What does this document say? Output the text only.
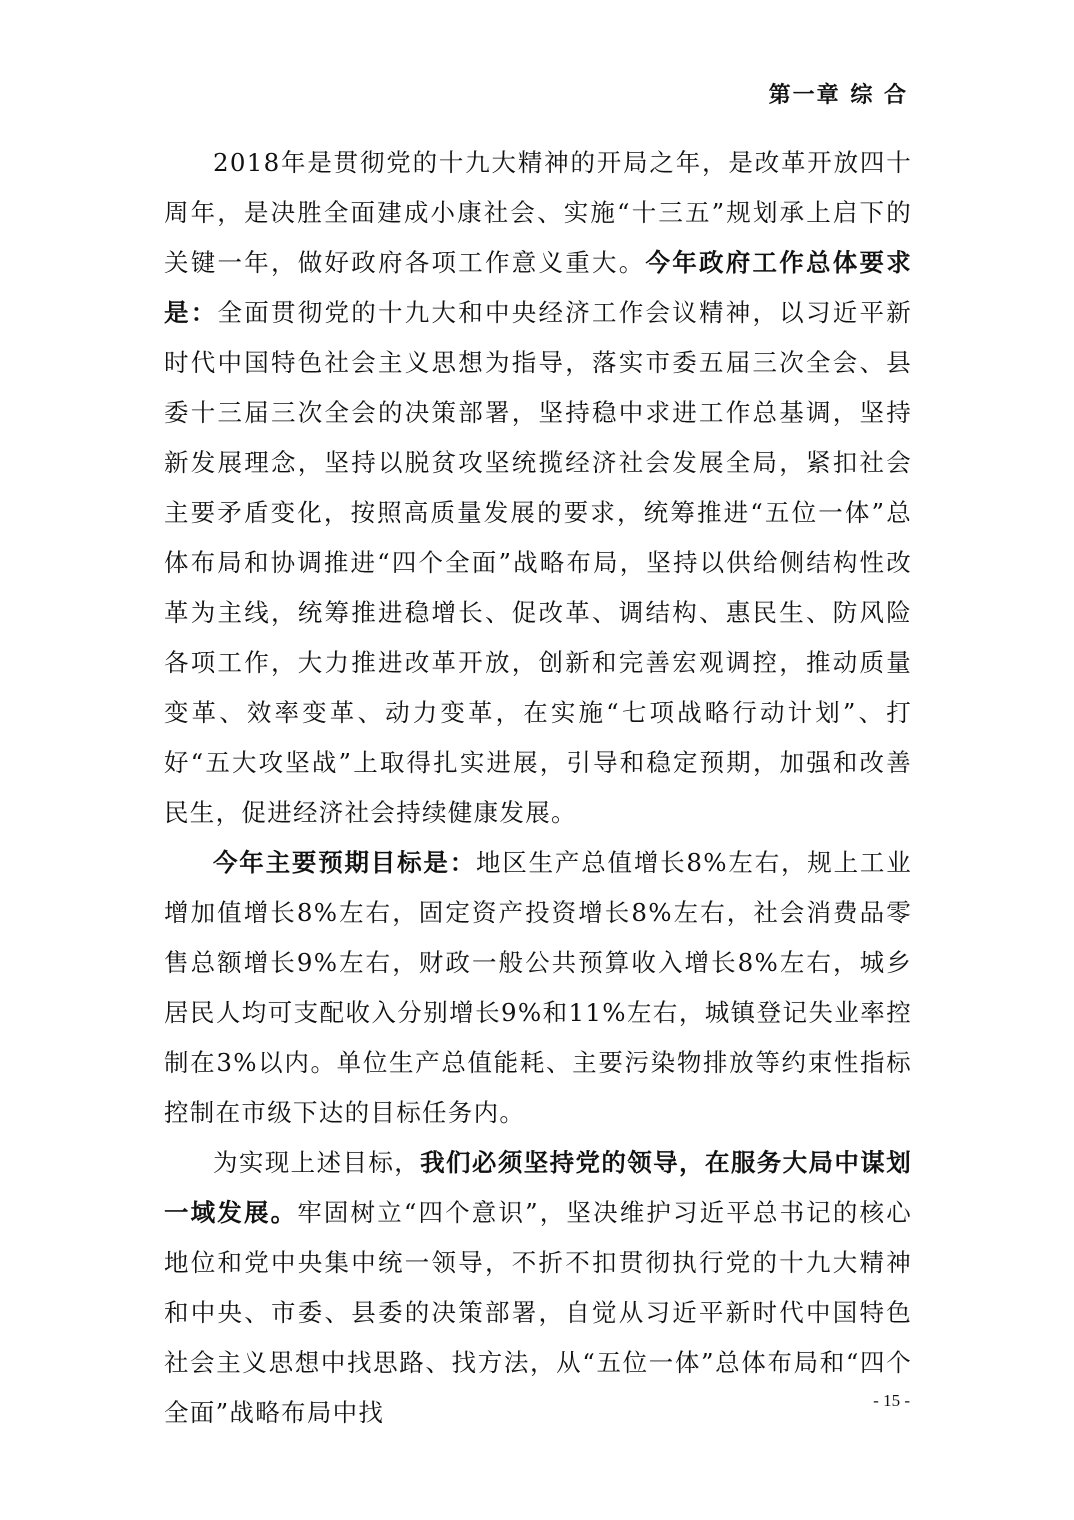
第一章 综 合

2018年是贯彻党的十九大精神的开局之年，是改革开放四十周年，是决胜全面建成小康社会、实施“十三五”规划承上启下的关键一年，做好政府各项工作意义重大。今年政府工作总体要求是：全面贯彻党的十九大和中央经济工作会议精神，以习近平新时代中国特色社会主义思想为指导，落实市委五届三次全会、县委十三届三次全会的决策部署，坚持稳中求进工作总基调，坚持新发展理念，坚持以脱贫攻坚统揽经济社会发展全局，紧扣社会主要矛盾变化，按照高质量发展的要求，统筹推进“五位一体”总体布局和协调推进“四个全面”战略布局，坚持以供给侧结构性改革为主线，统筹推进稳增长、促改革、调结构、惠民生、防风险各项工作，大力推进改革开放，创新和完善宏观调控，推动质量变革、效率变革、动力变革，在实施“七项战略行动计划”、打好“五大攻坚战”上取得扎实进展，引导和稳定预期，加强和改善民生，促进经济社会持续健康发展。

今年主要预期目标是：地区生产总值增长8%左右，规上工业增加值增长8%左右，固定资产投资增长8%左右，社会消费品零售总额增长9%左右，财政一般公共预算收入增长8%左右，城乡居民人均可支配收入分别增长9%和11%左右，城镇登记失业率控制在3%以内。单位生产总值能耗、主要污染物排放等约束性指标控制在市级下达的目标任务内。

为实现上述目标，我们必须坚持党的领导，在服务大局中谋划一域发展。牢固树立“四个意识”，坚决维护习近平总书记的核心地位和党中央集中统一领导，不折不扣贯彻执行党的十九大精神和中央、市委、县委的决策部署，自觉从习近平新时代中国特色社会主义思想中找思路、找方法，从“五位一体”总体布局和“四个全面”战略布局中找	- 15 -
